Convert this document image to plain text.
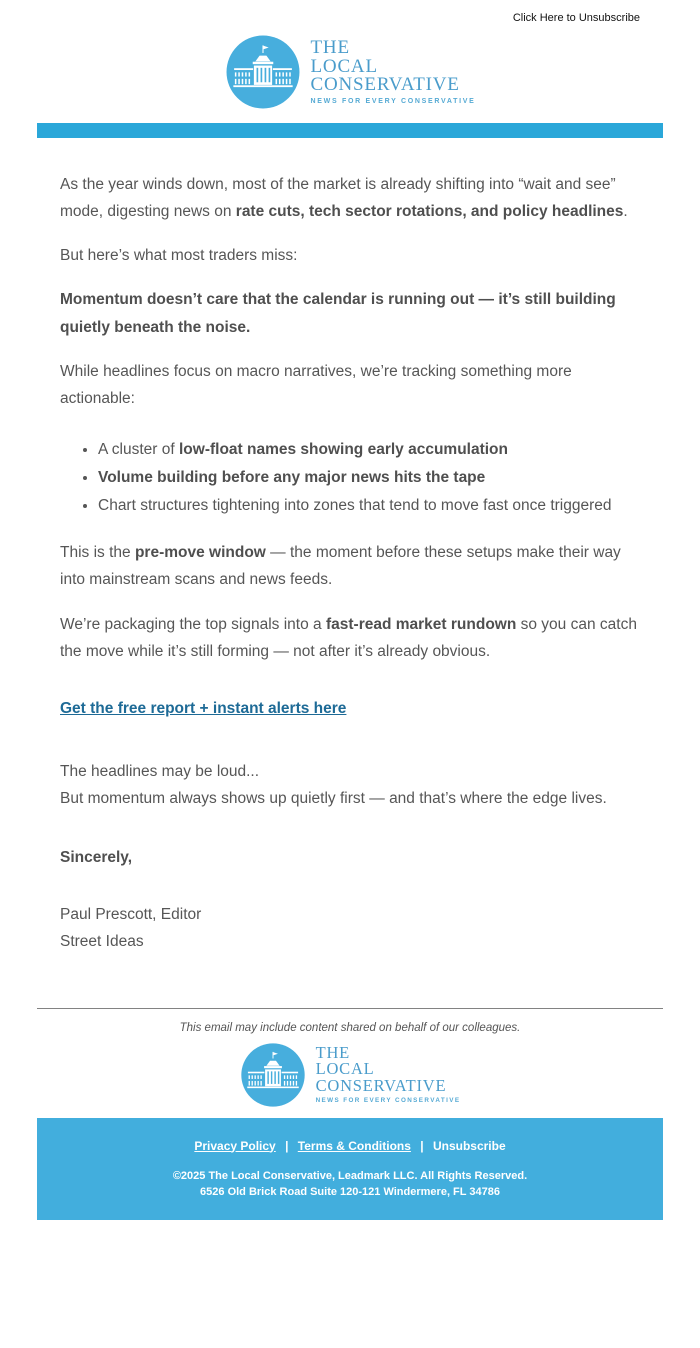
Click Here to Unsubscribe
THE
LOCAL
CONSERVATIVE
NEWS FOR EVERY CONSERVATIVE

As the year winds down, most of the market is already shifting into “wait and see” mode, digesting news on rate cuts, tech sector rotations, and policy headlines.

But here’s what most traders miss:

Momentum doesn’t care that the calendar is running out — it’s still building quietly beneath the noise.

While headlines focus on macro narratives, we’re tracking something more actionable:

• A cluster of low-float names showing early accumulation
• Volume building before any major news hits the tape
• Chart structures tightening into zones that tend to move fast once triggered

This is the pre-move window — the moment before these setups make their way into mainstream scans and news feeds.

We’re packaging the top signals into a fast-read market rundown so you can catch the move while it’s still forming — not after it’s already obvious.

Get the free report + instant alerts here

The headlines may be loud...
But momentum always shows up quietly first — and that’s where the edge lives.

Sincerely,

Paul Prescott, Editor
Street Ideas

This email may include content shared on behalf of our colleagues.
THE
LOCAL
CONSERVATIVE
NEWS FOR EVERY CONSERVATIVE
Privacy Policy | Terms & Conditions | Unsubscribe
©2025 The Local Conservative, Leadmark LLC. All Rights Reserved.
6526 Old Brick Road Suite 120-121 Windermere, FL 34786
